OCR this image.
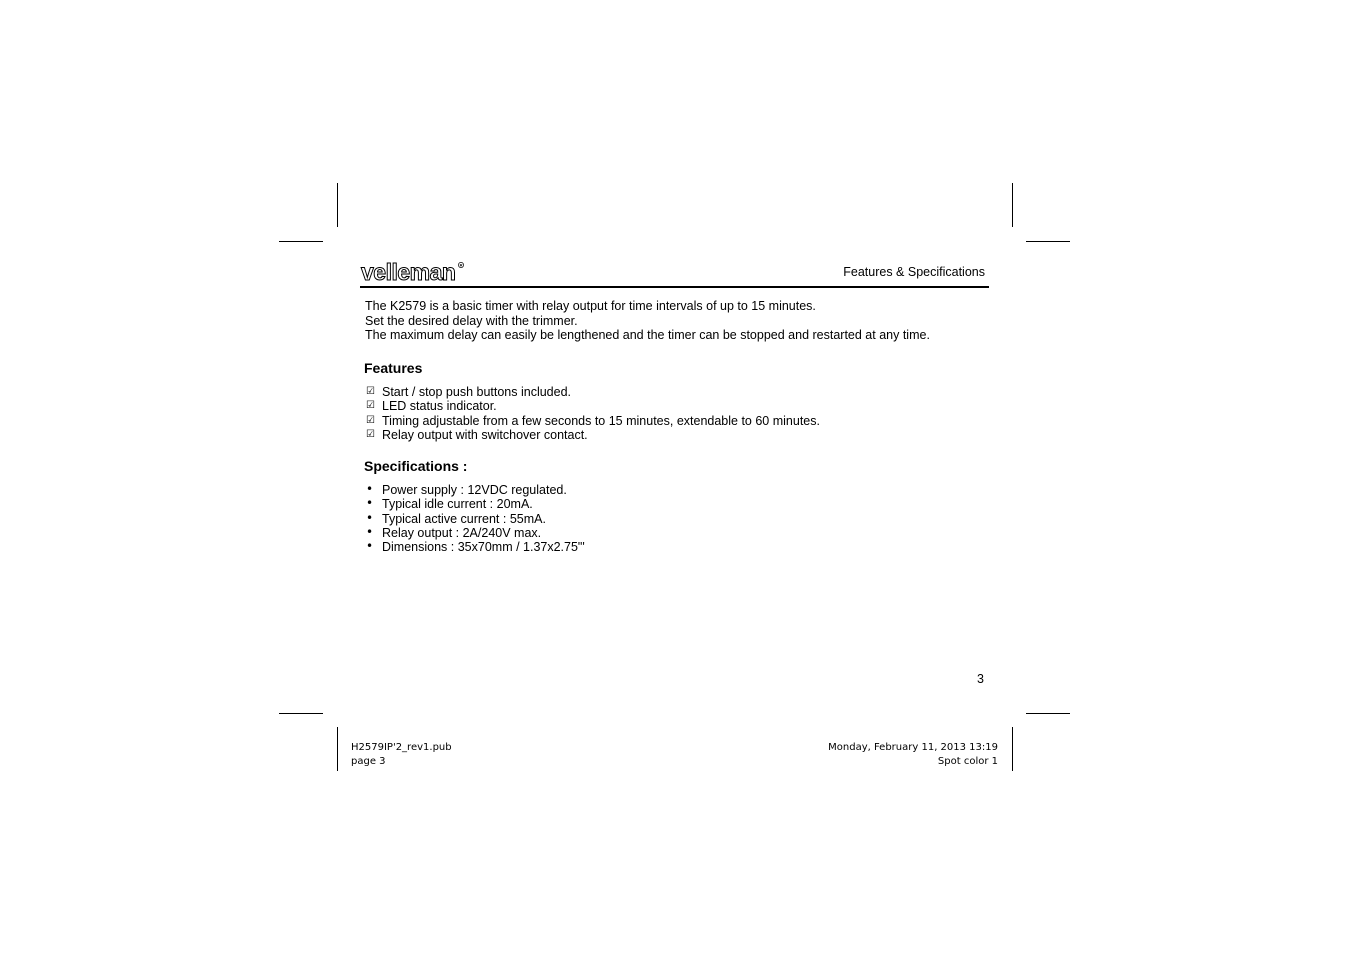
velleman R	Features & Specifications
The K2579 is a basic timer with relay output for time intervals of up to 15 minutes.
Set the desired delay with the trimmer.
The maximum delay can easily be lengthened and the timer can be stopped and restarted at any time.
Features
☑ Start / stop push buttons included.
☑ LED status indicator.
☑ Timing adjustable from a few seconds to 15 minutes, extendable to 60 minutes.
☑ Relay output with switchover contact.
Specifications :
• Power supply : 12VDC regulated.
• Typical idle current : 20mA.
• Typical active current : 55mA.
• Relay output : 2A/240V max.
• Dimensions : 35x70mm / 1.37x2.75"'
3
H2579IP'2_rev1.pub
page 3
Monday, February 11, 2013 13:19
Spot color 1
